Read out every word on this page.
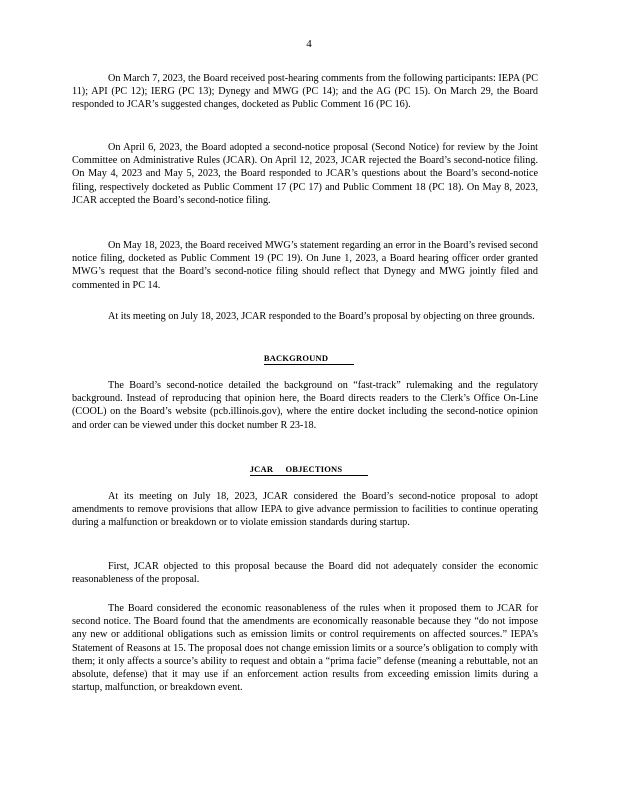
4

On March 7, 2023, the Board received post-hearing comments from the following participants: IEPA (PC 11); API (PC 12); IERG (PC 13); Dynegy and MWG (PC 14); and the AG (PC 15). On March 29, the Board responded to JCAR’s suggested changes, docketed as Public Comment 16 (PC 16).

On April 6, 2023, the Board adopted a second-notice proposal (Second Notice) for review by the Joint Committee on Administrative Rules (JCAR). On April 12, 2023, JCAR rejected the Board’s second-notice filing. On May 4, 2023 and May 5, 2023, the Board responded to JCAR’s questions about the Board’s second-notice filing, respectively docketed as Public Comment 17 (PC 17) and Public Comment 18 (PC 18). On May 8, 2023, JCAR accepted the Board’s second-notice filing.

On May 18, 2023, the Board received MWG’s statement regarding an error in the Board’s revised second notice filing, docketed as Public Comment 19 (PC 19). On June 1, 2023, a Board hearing officer order granted MWG’s request that the Board’s second-notice filing should reflect that Dynegy and MWG jointly filed and commented in PC 14.

At its meeting on July 18, 2023, JCAR responded to the Board’s proposal by objecting on three grounds.

BACKGROUND

The Board’s second-notice detailed the background on “fast-track” rulemaking and the regulatory background. Instead of reproducing that opinion here, the Board directs readers to the Clerk’s Office On-Line (COOL) on the Board’s website (pcb.illinois.gov), where the entire docket including the second-notice opinion and order can be viewed under this docket number R 23-18.

JCAR OBJECTIONS

At its meeting on July 18, 2023, JCAR considered the Board’s second-notice proposal to adopt amendments to remove provisions that allow IEPA to give advance permission to facilities to continue operating during a malfunction or breakdown or to violate emission standards during startup.

First, JCAR objected to this proposal because the Board did not adequately consider the economic reasonableness of the proposal.

The Board considered the economic reasonableness of the rules when it proposed them to JCAR for second notice. The Board found that the amendments are economically reasonable because they “do not impose any new or additional obligations such as emission limits or control requirements on affected sources.” IEPA’s Statement of Reasons at 15. The proposal does not change emission limits or a source’s obligation to comply with them; it only affects a source’s ability to request and obtain a “prima facie” defense (meaning a rebuttable, not an absolute, defense) that it may use if an enforcement action results from exceeding emission limits during a startup, malfunction, or breakdown event.
